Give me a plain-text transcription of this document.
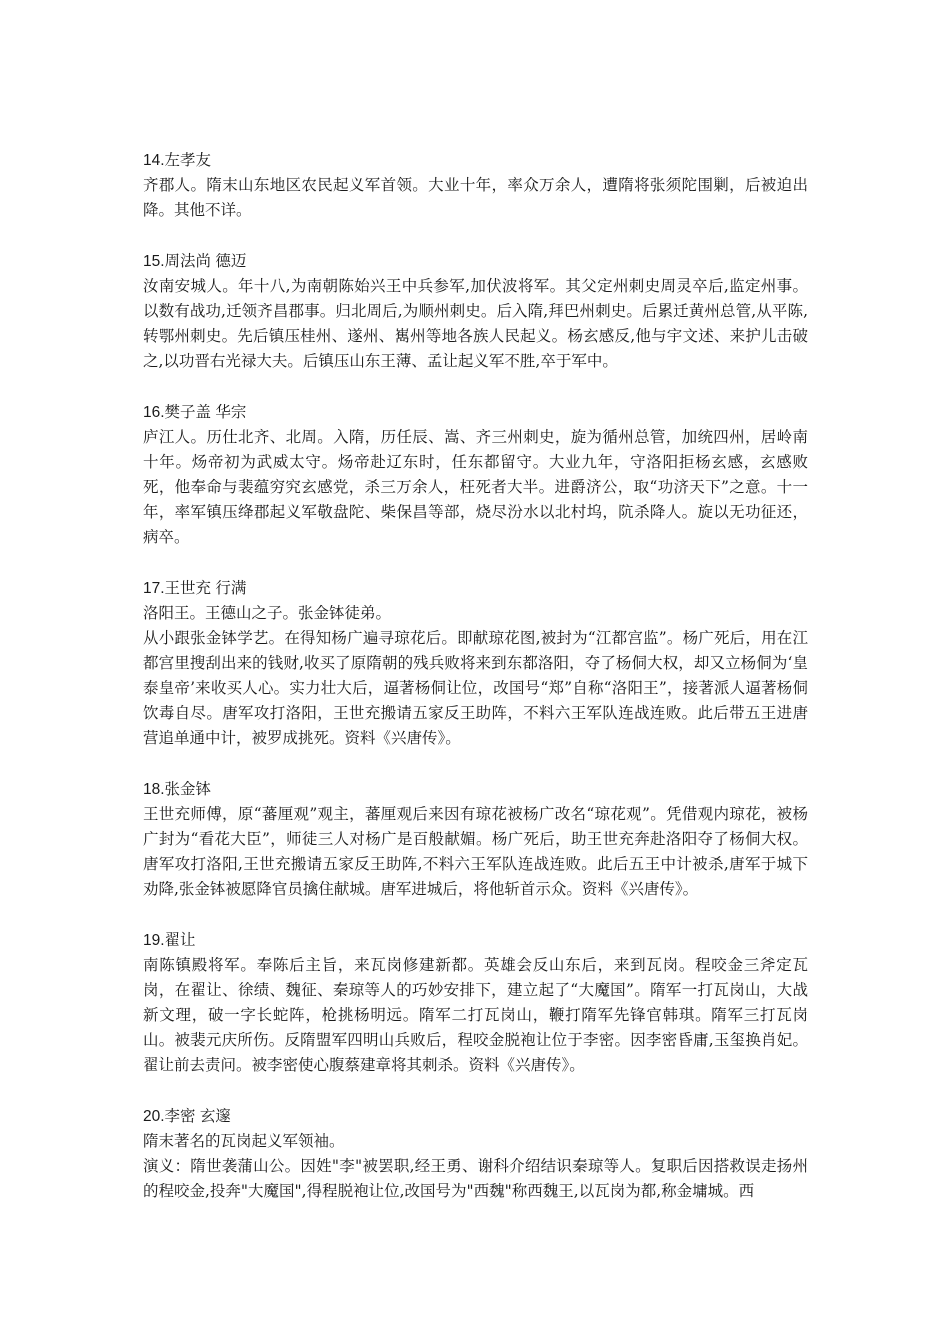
14.左孝友

齐郡人。隋末山东地区农民起义军首领。大业十年，率众万余人，遭隋将张须陀围剿，后被迫出降。其他不详。

15.周法尚 德迈

汝南安城人。年十八,为南朝陈始兴王中兵参军,加伏波将军。其父定州刺史周灵卒后,监定州事。以数有战功,迁领齐昌郡事。归北周后,为顺州刺史。后入隋,拜巴州刺史。后累迁黄州总管,从平陈,转鄂州刺史。先后镇压桂州、遂州、嶲州等地各族人民起义。杨玄感反,他与宇文述、来护儿击破之,以功晋右光禄大夫。后镇压山东王薄、孟让起义军不胜,卒于军中。

16.樊子盖 华宗

庐江人。历仕北齐、北周。入隋，历任辰、嵩、齐三州刺史，旋为循州总管，加统四州，居岭南十年。炀帝初为武威太守。炀帝赴辽东时，任东都留守。大业九年，守洛阳拒杨玄感，玄感败死，他奉命与裴蕴穷究玄感党，杀三万余人，枉死者大半。进爵济公，取“功济天下”之意。十一年，率军镇压绛郡起义军敬盘陀、柴保昌等部，烧尽汾水以北村坞，阬杀降人。旋以无功征还，病卒。

17.王世充 行满

洛阳王。王德山之子。张金钵徒弟。

从小跟张金钵学艺。在得知杨广遍寻琼花后。即献琼花图,被封为“江都宫监”。杨广死后，用在江都宫里搜刮出来的钱财,收买了原隋朝的残兵败将来到东都洛阳，夺了杨侗大权，却又立杨侗为‘皇泰皇帝’来收买人心。实力壮大后，逼著杨侗让位，改国号“郑”自称“洛阳王”，接著派人逼著杨侗饮毒自尽。唐军攻打洛阳，王世充搬请五家反王助阵，不料六王军队连战连败。此后带五王进唐营追单通中计，被罗成挑死。资料《兴唐传》。

18.张金钵

王世充师傅，原“蕃厘观”观主，蕃厘观后来因有琼花被杨广改名“琼花观”。凭借观内琼花，被杨广封为“看花大臣”，师徒三人对杨广是百般献媚。杨广死后，助王世充奔赴洛阳夺了杨侗大权。唐军攻打洛阳,王世充搬请五家反王助阵,不料六王军队连战连败。此后五王中计被杀,唐军于城下劝降,张金钵被愿降官员擒住献城。唐军进城后，将他斩首示众。资料《兴唐传》。

19.翟让

南陈镇殿将军。奉陈后主旨，来瓦岗修建新都。英雄会反山东后，来到瓦岗。程咬金三斧定瓦岗，在翟让、徐绩、魏征、秦琼等人的巧妙安排下，建立起了“大魔国”。隋军一打瓦岗山，大战新文理，破一字长蛇阵，枪挑杨明远。隋军二打瓦岗山，鞭打隋军先锋官韩琪。隋军三打瓦岗山。被裴元庆所伤。反隋盟军四明山兵败后，程咬金脱袍让位于李密。因李密昏庸,玉玺换肖妃。翟让前去责问。被李密使心腹蔡建章将其刺杀。资料《兴唐传》。

20.李密 玄邃

隋末著名的瓦岗起义军领袖。

演义：隋世袭蒲山公。因姓"李"被罢职,经王勇、谢科介绍结识秦琼等人。复职后因搭救误走扬州的程咬金,投奔"大魔国",得程脱袍让位,改国号为"西魏"称西魏王,以瓦岗为都,称金墉城。西
